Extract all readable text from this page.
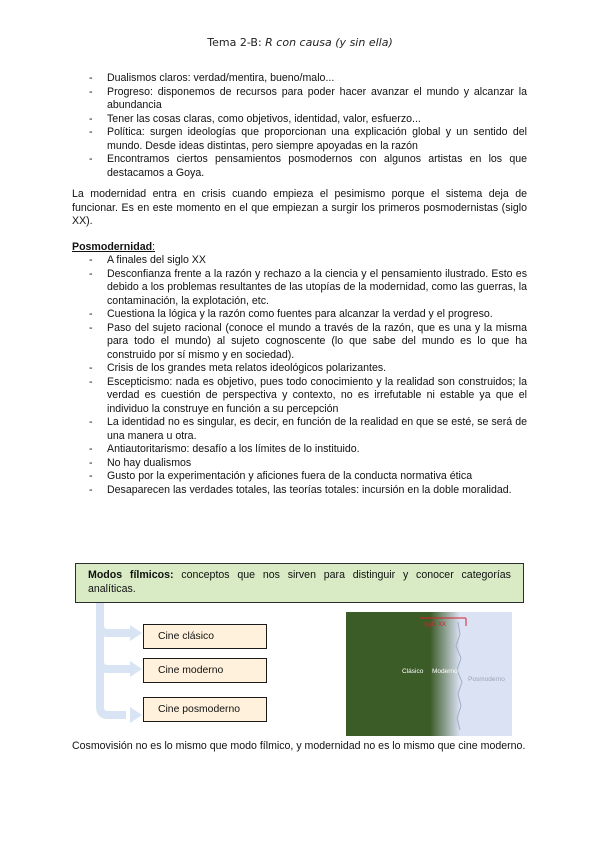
Tema 2-B: R con causa (y sin ella)
- Dualismos claros: verdad/mentira, bueno/malo...
- Progreso: disponemos de recursos para poder hacer avanzar el mundo y alcanzar la abundancia
- Tener las cosas claras, como objetivos, identidad, valor, esfuerzo...
- Política: surgen ideologías que proporcionan una explicación global y un sentido del mundo. Desde ideas distintas, pero siempre apoyadas en la razón
- Encontramos ciertos pensamientos posmodernos con algunos artistas en los que destacamos a Goya.

La modernidad entra en crisis cuando empieza el pesimismo porque el sistema deja de funcionar. Es en este momento en el que empiezan a surgir los primeros posmodernistas (siglo XX).

Posmodernidad:
- A finales del siglo XX
- Desconfianza frente a la razón y rechazo a la ciencia y el pensamiento ilustrado. Esto es debido a los problemas resultantes de las utopías de la modernidad, como las guerras, la contaminación, la explotación, etc.
- Cuestiona la lógica y la razón como fuentes para alcanzar la verdad y el progreso.
- Paso del sujeto racional (conoce el mundo a través de la razón, que es una y la misma para todo el mundo) al sujeto cognoscente (lo que sabe del mundo es lo que ha construido por sí mismo y en sociedad).
- Crisis de los grandes meta relatos ideológicos polarizantes.
- Escepticismo: nada es objetivo, pues todo conocimiento y la realidad son construidos; la verdad es cuestión de perspectiva y contexto, no es irrefutable ni estable ya que el individuo la construye en función a su percepción
- La identidad no es singular, es decir, en función de la realidad en que se esté, se será de una manera u otra.
- Antiautoritarismo: desafío a los límites de lo instituido.
- No hay dualismos
- Gusto por la experimentación y aficiones fuera de la conducta normativa ética
- Desaparecen las verdades totales, las teorías totales: incursión en la doble moralidad.
Modos fílmicos: conceptos que nos sirven para distinguir y conocer categorías analíticas.
Cine clásico
Cine moderno
Cine posmoderno
siglo XX
Clásico Moderno
Posmoderno
Cosmovisión no es lo mismo que modo fílmico, y modernidad no es lo mismo que cine moderno.
